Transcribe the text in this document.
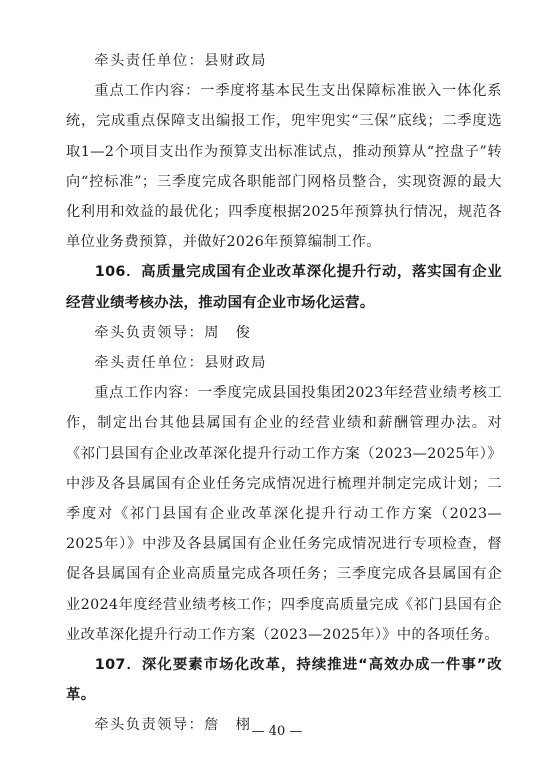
牵头责任单位：县财政局

重点工作内容：一季度将基本民生支出保障标准嵌入一体化系统，完成重点保障支出编报工作，兜牢兜实“三保”底线；二季度选取1—2个项目支出作为预算支出标准试点，推动预算从“控盘子”转向“控标准”；三季度完成各职能部门网格员整合，实现资源的最大化利用和效益的最优化；四季度根据2025年预算执行情况，规范各单位业务费预算，并做好2026年预算编制工作。

106．高质量完成国有企业改革深化提升行动，落实国有企业经营业绩考核办法，推动国有企业市场化运营。

牵头负责领导：周　俊

牵头责任单位：县财政局

重点工作内容：一季度完成县国投集团2023年经营业绩考核工作，制定出台其他县属国有企业的经营业绩和薪酬管理办法。对《祁门县国有企业改革深化提升行动工作方案（2023—2025年）》中涉及各县属国有企业任务完成情况进行梳理并制定完成计划；二季度对《祁门县国有企业改革深化提升行动工作方案（2023—2025年）》中涉及各县属国有企业任务完成情况进行专项检查，督促各县属国有企业高质量完成各项任务；三季度完成各县属国有企业2024年度经营业绩考核工作；四季度高质量完成《祁门县国有企业改革深化提升行动工作方案（2023—2025年）》中的各项任务。

107．深化要素市场化改革，持续推进“高效办成一件事”改革。

牵头负责领导：詹　栩 — 40 —
